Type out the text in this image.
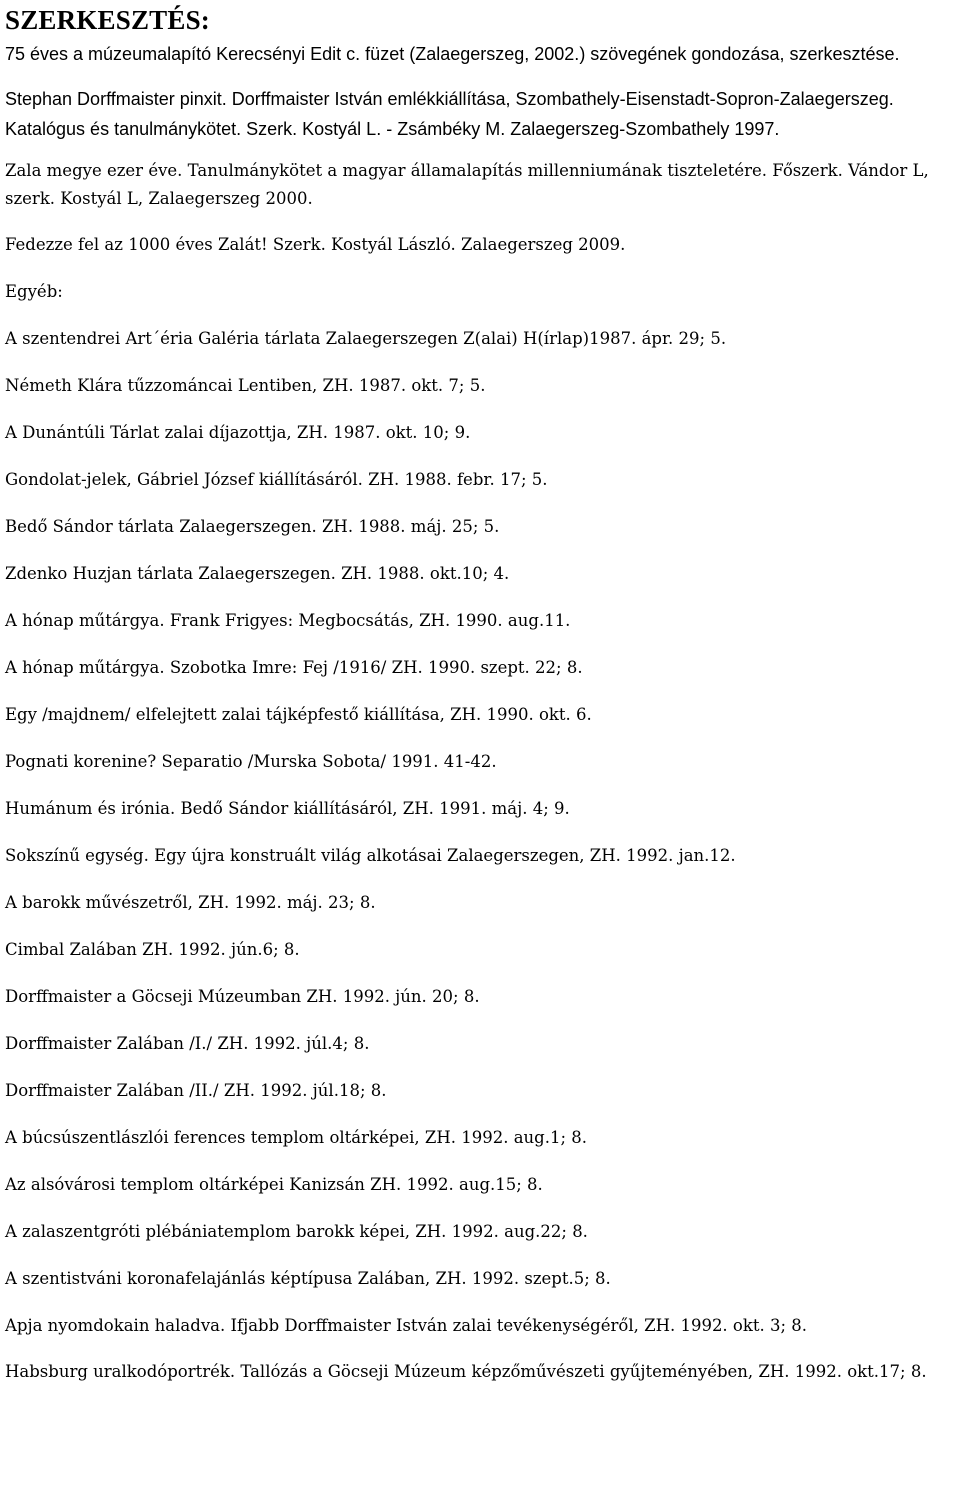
SZERKESZTÉS:

75 éves a múzeumalapító Kerecsényi Edit c. füzet (Zalaegerszeg, 2002.) szövegének gondozása, szerkesztése.

Stephan Dorffmaister pinxit. Dorffmaister István emlékkiállítása, Szombathely-Eisenstadt-Sopron-Zalaegerszeg. Katalógus és tanulmánykötet. Szerk. Kostyál L. - Zsámbéky M. Zalaegerszeg-Szombathely 1997.

Zala megye ezer éve. Tanulmánykötet a magyar államalapítás millenniumának tiszteletére. Főszerk. Vándor L, szerk. Kostyál L, Zalaegerszeg 2000.
Fedezze fel az 1000 éves Zalát! Szerk. Kostyál László. Zalaegerszeg 2009.
Egyéb:
A szentendrei Art´éria Galéria tárlata Zalaegerszegen Z(alai) H(írlap)1987. ápr. 29; 5.
Németh Klára tűzzománcai Lentiben, ZH. 1987. okt. 7; 5.
A Dunántúli Tárlat zalai díjazottja, ZH. 1987. okt. 10; 9.
Gondolat-jelek, Gábriel József kiállításáról. ZH. 1988. febr. 17; 5.
Bedő Sándor tárlata Zalaegerszegen. ZH. 1988. máj. 25; 5.
Zdenko Huzjan tárlata Zalaegerszegen. ZH. 1988. okt.10; 4.
A hónap műtárgya. Frank Frigyes: Megbocsátás, ZH. 1990. aug.11.
A hónap műtárgya. Szobotka Imre: Fej /1916/ ZH. 1990. szept. 22; 8.
Egy /majdnem/ elfelejtett zalai tájképfestő kiállítása, ZH. 1990. okt. 6.
Pognati korenine? Separatio /Murska Sobota/ 1991. 41-42.
Humánum és irónia. Bedő Sándor kiállításáról, ZH. 1991. máj. 4; 9.
Sokszínű egység. Egy újra konstruált világ alkotásai Zalaegerszegen, ZH. 1992. jan.12.
A barokk művészetről, ZH. 1992. máj. 23; 8.
Cimbal Zalában ZH. 1992. jún.6; 8.
Dorffmaister a Göcseji Múzeumban ZH. 1992. jún. 20; 8.
Dorffmaister Zalában /I./ ZH. 1992. júl.4; 8.
Dorffmaister Zalában /II./ ZH. 1992. júl.18; 8.
A búcsúszentlászlói ferences templom oltárképei, ZH. 1992. aug.1; 8.
Az alsóvárosi templom oltárképei Kanizsán ZH. 1992. aug.15; 8.
A zalaszentgróti plébániatemplom barokk képei, ZH. 1992. aug.22; 8.
A szentistváni koronafelajánlás képtípusa Zalában, ZH. 1992. szept.5; 8.
Apja nyomdokain haladva. Ifjabb Dorffmaister István zalai tevékenységéről, ZH. 1992. okt. 3; 8.
Habsburg uralkodóportrék. Tallózás a Göcseji Múzeum képzőművészeti gyűjteményében, ZH. 1992. okt.17; 8.
